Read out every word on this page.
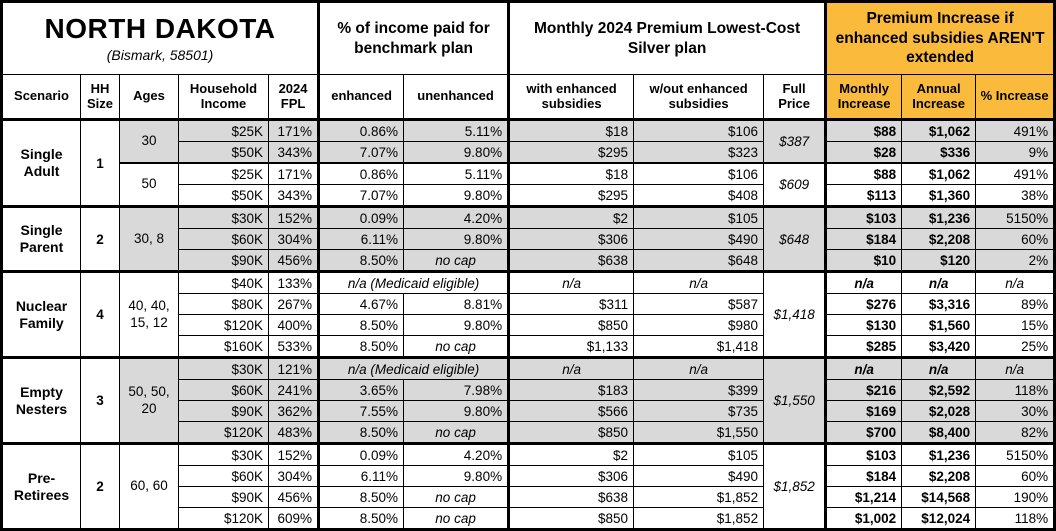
NORTH DAKOTA
(Bismark, 58501)					% of income paid for benchmark plan		Monthly 2024 Premium Lowest-Cost Silver plan			Premium Increase if enhanced subsidies AREN'T extended		
Scenario	HH Size	Ages	Household Income	2024 FPL	enhanced	unenhanced	with enhanced subsidies	w/out enhanced subsidies	Full Price	Monthly Increase	Annual Increase	% Increase
Single Adult	1	30	$25K	171%	0.86%	5.11%	$18	$106	$387	$88	$1,062	491%
			$50K	343%	7.07%	9.80%	$295	$323		$28	$336	9%
		50	$25K	171%	0.86%	5.11%	$18	$106	$609	$88	$1,062	491%
			$50K	343%	7.07%	9.80%	$295	$408		$113	$1,360	38%
Single Parent	2	30, 8	$30K	152%	0.09%	4.20%	$2	$105	$648	$103	$1,236	5150%
			$60K	304%	6.11%	9.80%	$306	$490		$184	$2,208	60%
			$90K	456%	8.50%	no cap	$638	$648		$10	$120	2%
Nuclear Family	4	40, 40, 15, 12	$40K	133%	n/a (Medicaid eligible)		n/a	n/a	$1,418	n/a	n/a	n/a
			$80K	267%	4.67%	8.81%	$311	$587		$276	$3,316	89%
			$120K	400%	8.50%	9.80%	$850	$980		$130	$1,560	15%
			$160K	533%	8.50%	no cap	$1,133	$1,418		$285	$3,420	25%
Empty Nesters	3	50, 50, 20	$30K	121%	n/a (Medicaid eligible)		n/a	n/a	$1,550	n/a	n/a	n/a
			$60K	241%	3.65%	7.98%	$183	$399		$216	$2,592	118%
			$90K	362%	7.55%	9.80%	$566	$735		$169	$2,028	30%
			$120K	483%	8.50%	no cap	$850	$1,550		$700	$8,400	82%
Pre-Retirees	2	60, 60	$30K	152%	0.09%	4.20%	$2	$105	$1,852	$103	$1,236	5150%
			$60K	304%	6.11%	9.80%	$306	$490		$184	$2,208	60%
			$90K	456%	8.50%	no cap	$638	$1,852		$1,214	$14,568	190%
			$120K	609%	8.50%	no cap	$850	$1,852		$1,002	$12,024	118%
